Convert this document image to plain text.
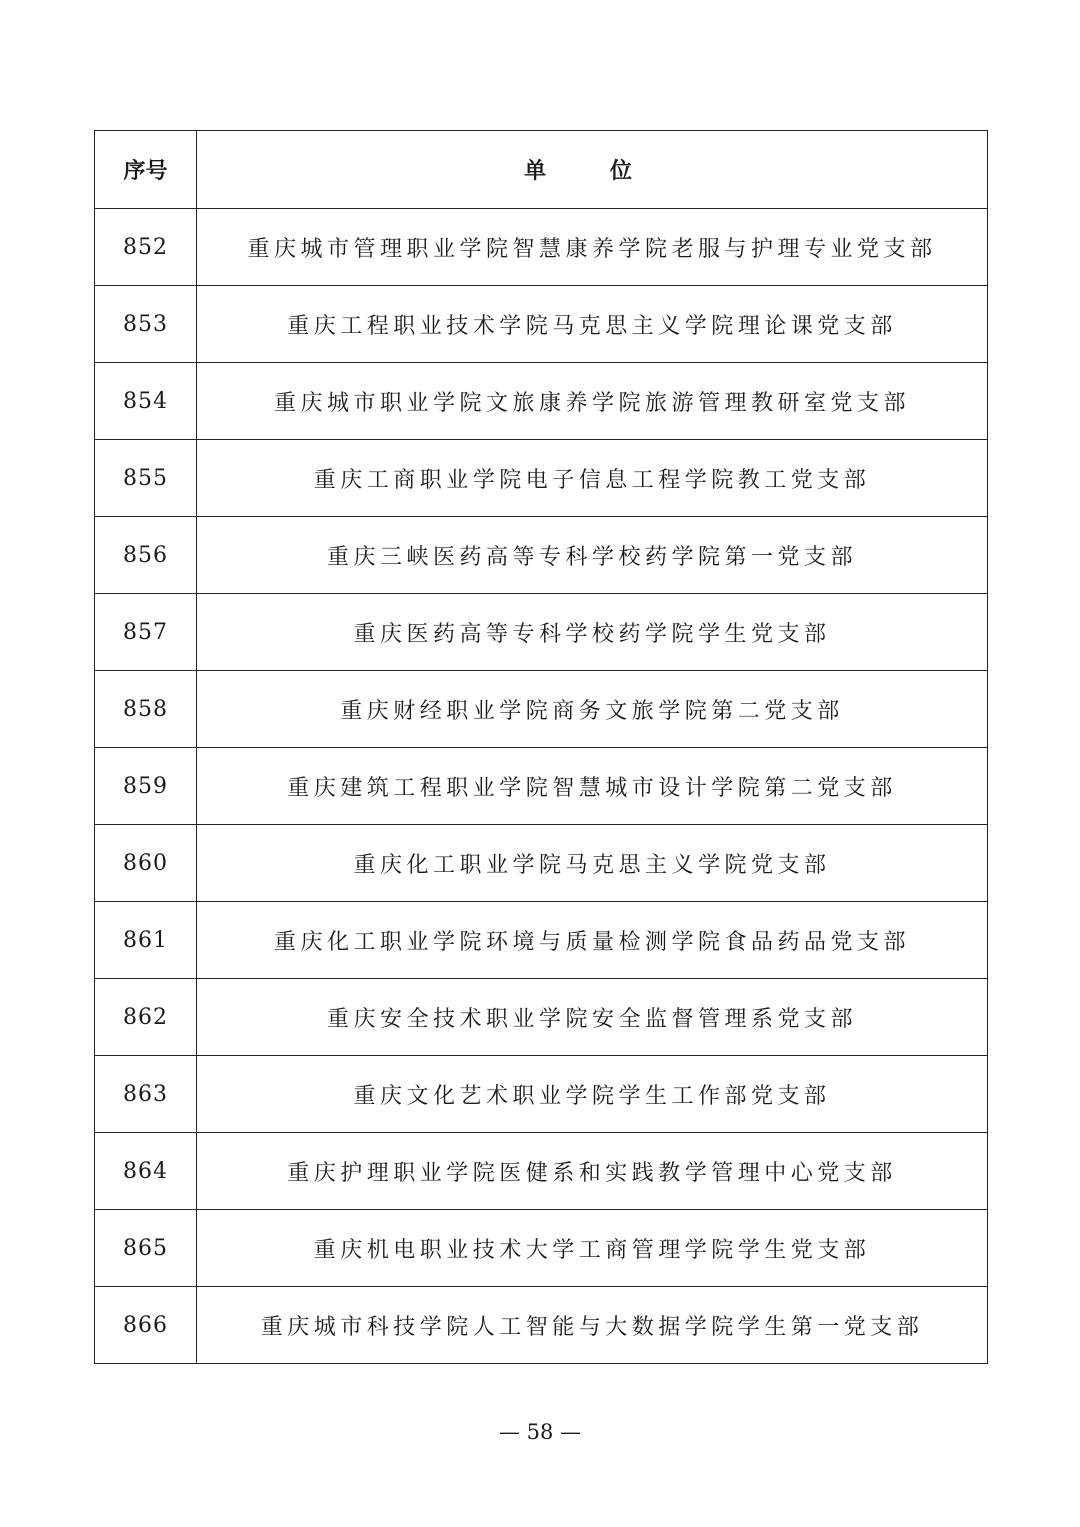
序号	单 位
852	重庆城市管理职业学院智慧康养学院老服与护理专业党支部
853	重庆工程职业技术学院马克思主义学院理论课党支部
854	重庆城市职业学院文旅康养学院旅游管理教研室党支部
855	重庆工商职业学院电子信息工程学院教工党支部
856	重庆三峡医药高等专科学校药学院第一党支部
857	重庆医药高等专科学校药学院学生党支部
858	重庆财经职业学院商务文旅学院第二党支部
859	重庆建筑工程职业学院智慧城市设计学院第二党支部
860	重庆化工职业学院马克思主义学院党支部
861	重庆化工职业学院环境与质量检测学院食品药品党支部
862	重庆安全技术职业学院安全监督管理系党支部
863	重庆文化艺术职业学院学生工作部党支部
864	重庆护理职业学院医健系和实践教学管理中心党支部
865	重庆机电职业技术大学工商管理学院学生党支部
866	重庆城市科技学院人工智能与大数据学院学生第一党支部
— 58 —
